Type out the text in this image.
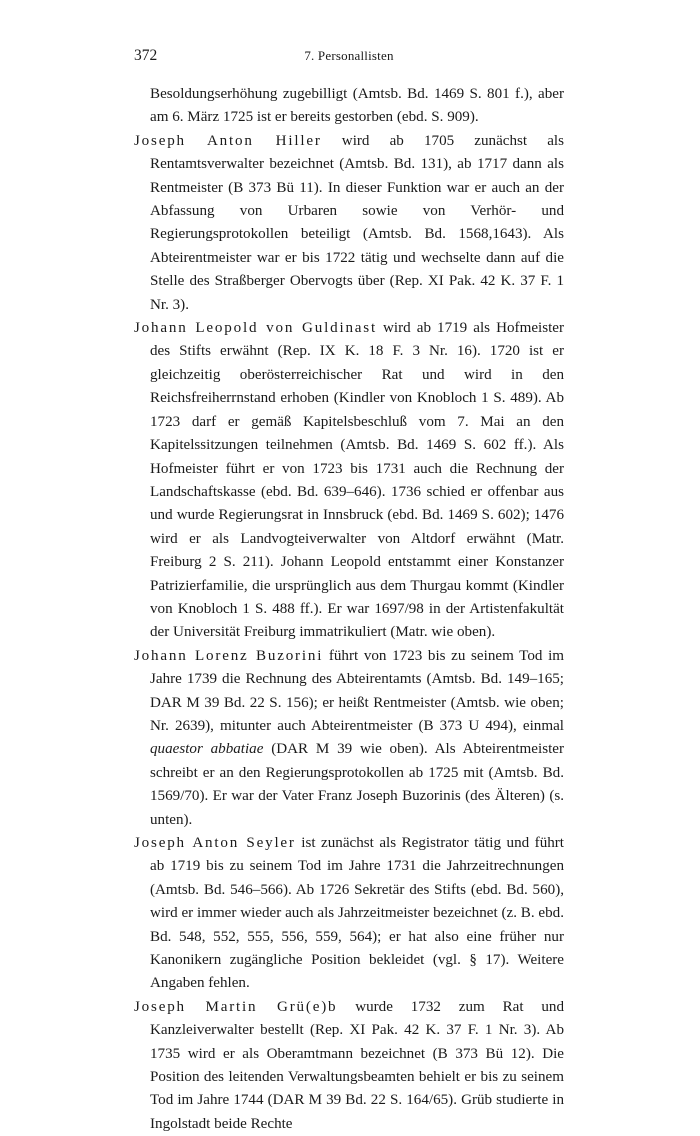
372	7. Personallisten

Besoldungserhöhung zugebilligt (Amtsb. Bd. 1469 S. 801 f.), aber am 6. März 1725 ist er bereits gestorben (ebd. S. 909).

Joseph Anton Hiller wird ab 1705 zunächst als Rentamtsverwalter bezeichnet (Amtsb. Bd. 131), ab 1717 dann als Rentmeister (B 373 Bü 11). In dieser Funktion war er auch an der Abfassung von Urbaren sowie von Verhör- und Regierungsprotokollen beteiligt (Amtsb. Bd. 1568,1643). Als Abteirentmeister war er bis 1722 tätig und wechselte dann auf die Stelle des Straßberger Obervogts über (Rep. XI Pak. 42 K. 37 F. 1 Nr. 3).

Johann Leopold von Guldinast wird ab 1719 als Hofmeister des Stifts erwähnt (Rep. IX K. 18 F. 3 Nr. 16). 1720 ist er gleichzeitig oberösterreichischer Rat und wird in den Reichsfreiherrnstand erhoben (Kindler von Knobloch 1 S. 489). Ab 1723 darf er gemäß Kapitelsbeschluß vom 7. Mai an den Kapitelssitzungen teilnehmen (Amtsb. Bd. 1469 S. 602 ff.). Als Hofmeister führt er von 1723 bis 1731 auch die Rechnung der Landschaftskasse (ebd. Bd. 639–646). 1736 schied er offenbar aus und wurde Regierungsrat in Innsbruck (ebd. Bd. 1469 S. 602); 1476 wird er als Landvogteiverwalter von Altdorf erwähnt (Matr. Freiburg 2 S. 211). Johann Leopold entstammt einer Konstanzer Patrizierfamilie, die ursprünglich aus dem Thurgau kommt (Kindler von Knobloch 1 S. 488 ff.). Er war 1697/98 in der Artistenfakultät der Universität Freiburg immatrikuliert (Matr. wie oben).

Johann Lorenz Buzorini führt von 1723 bis zu seinem Tod im Jahre 1739 die Rechnung des Abteirentamts (Amtsb. Bd. 149–165; DAR M 39 Bd. 22 S. 156); er heißt Rentmeister (Amtsb. wie oben; Nr. 2639), mitunter auch Abteirentmeister (B 373 U 494), einmal quaestor abbatiae (DAR M 39 wie oben). Als Abteirentmeister schreibt er an den Regierungsprotokollen ab 1725 mit (Amtsb. Bd. 1569/70). Er war der Vater Franz Joseph Buzorinis (des Älteren) (s. unten).

Joseph Anton Seyler ist zunächst als Registrator tätig und führt ab 1719 bis zu seinem Tod im Jahre 1731 die Jahrzeitrechnungen (Amtsb. Bd. 546–566). Ab 1726 Sekretär des Stifts (ebd. Bd. 560), wird er immer wieder auch als Jahrzeitmeister bezeichnet (z. B. ebd. Bd. 548, 552, 555, 556, 559, 564); er hat also eine früher nur Kanonikern zugängliche Position bekleidet (vgl. § 17). Weitere Angaben fehlen.

Joseph Martin Grü(e)b wurde 1732 zum Rat und Kanzleiverwalter bestellt (Rep. XI Pak. 42 K. 37 F. 1 Nr. 3). Ab 1735 wird er als Oberamtmann bezeichnet (B 373 Bü 12). Die Position des leitenden Verwaltungsbeamten behielt er bis zu seinem Tod im Jahre 1744 (DAR M 39 Bd. 22 S. 164/65). Grüb studierte in Ingolstadt beide Rechte
